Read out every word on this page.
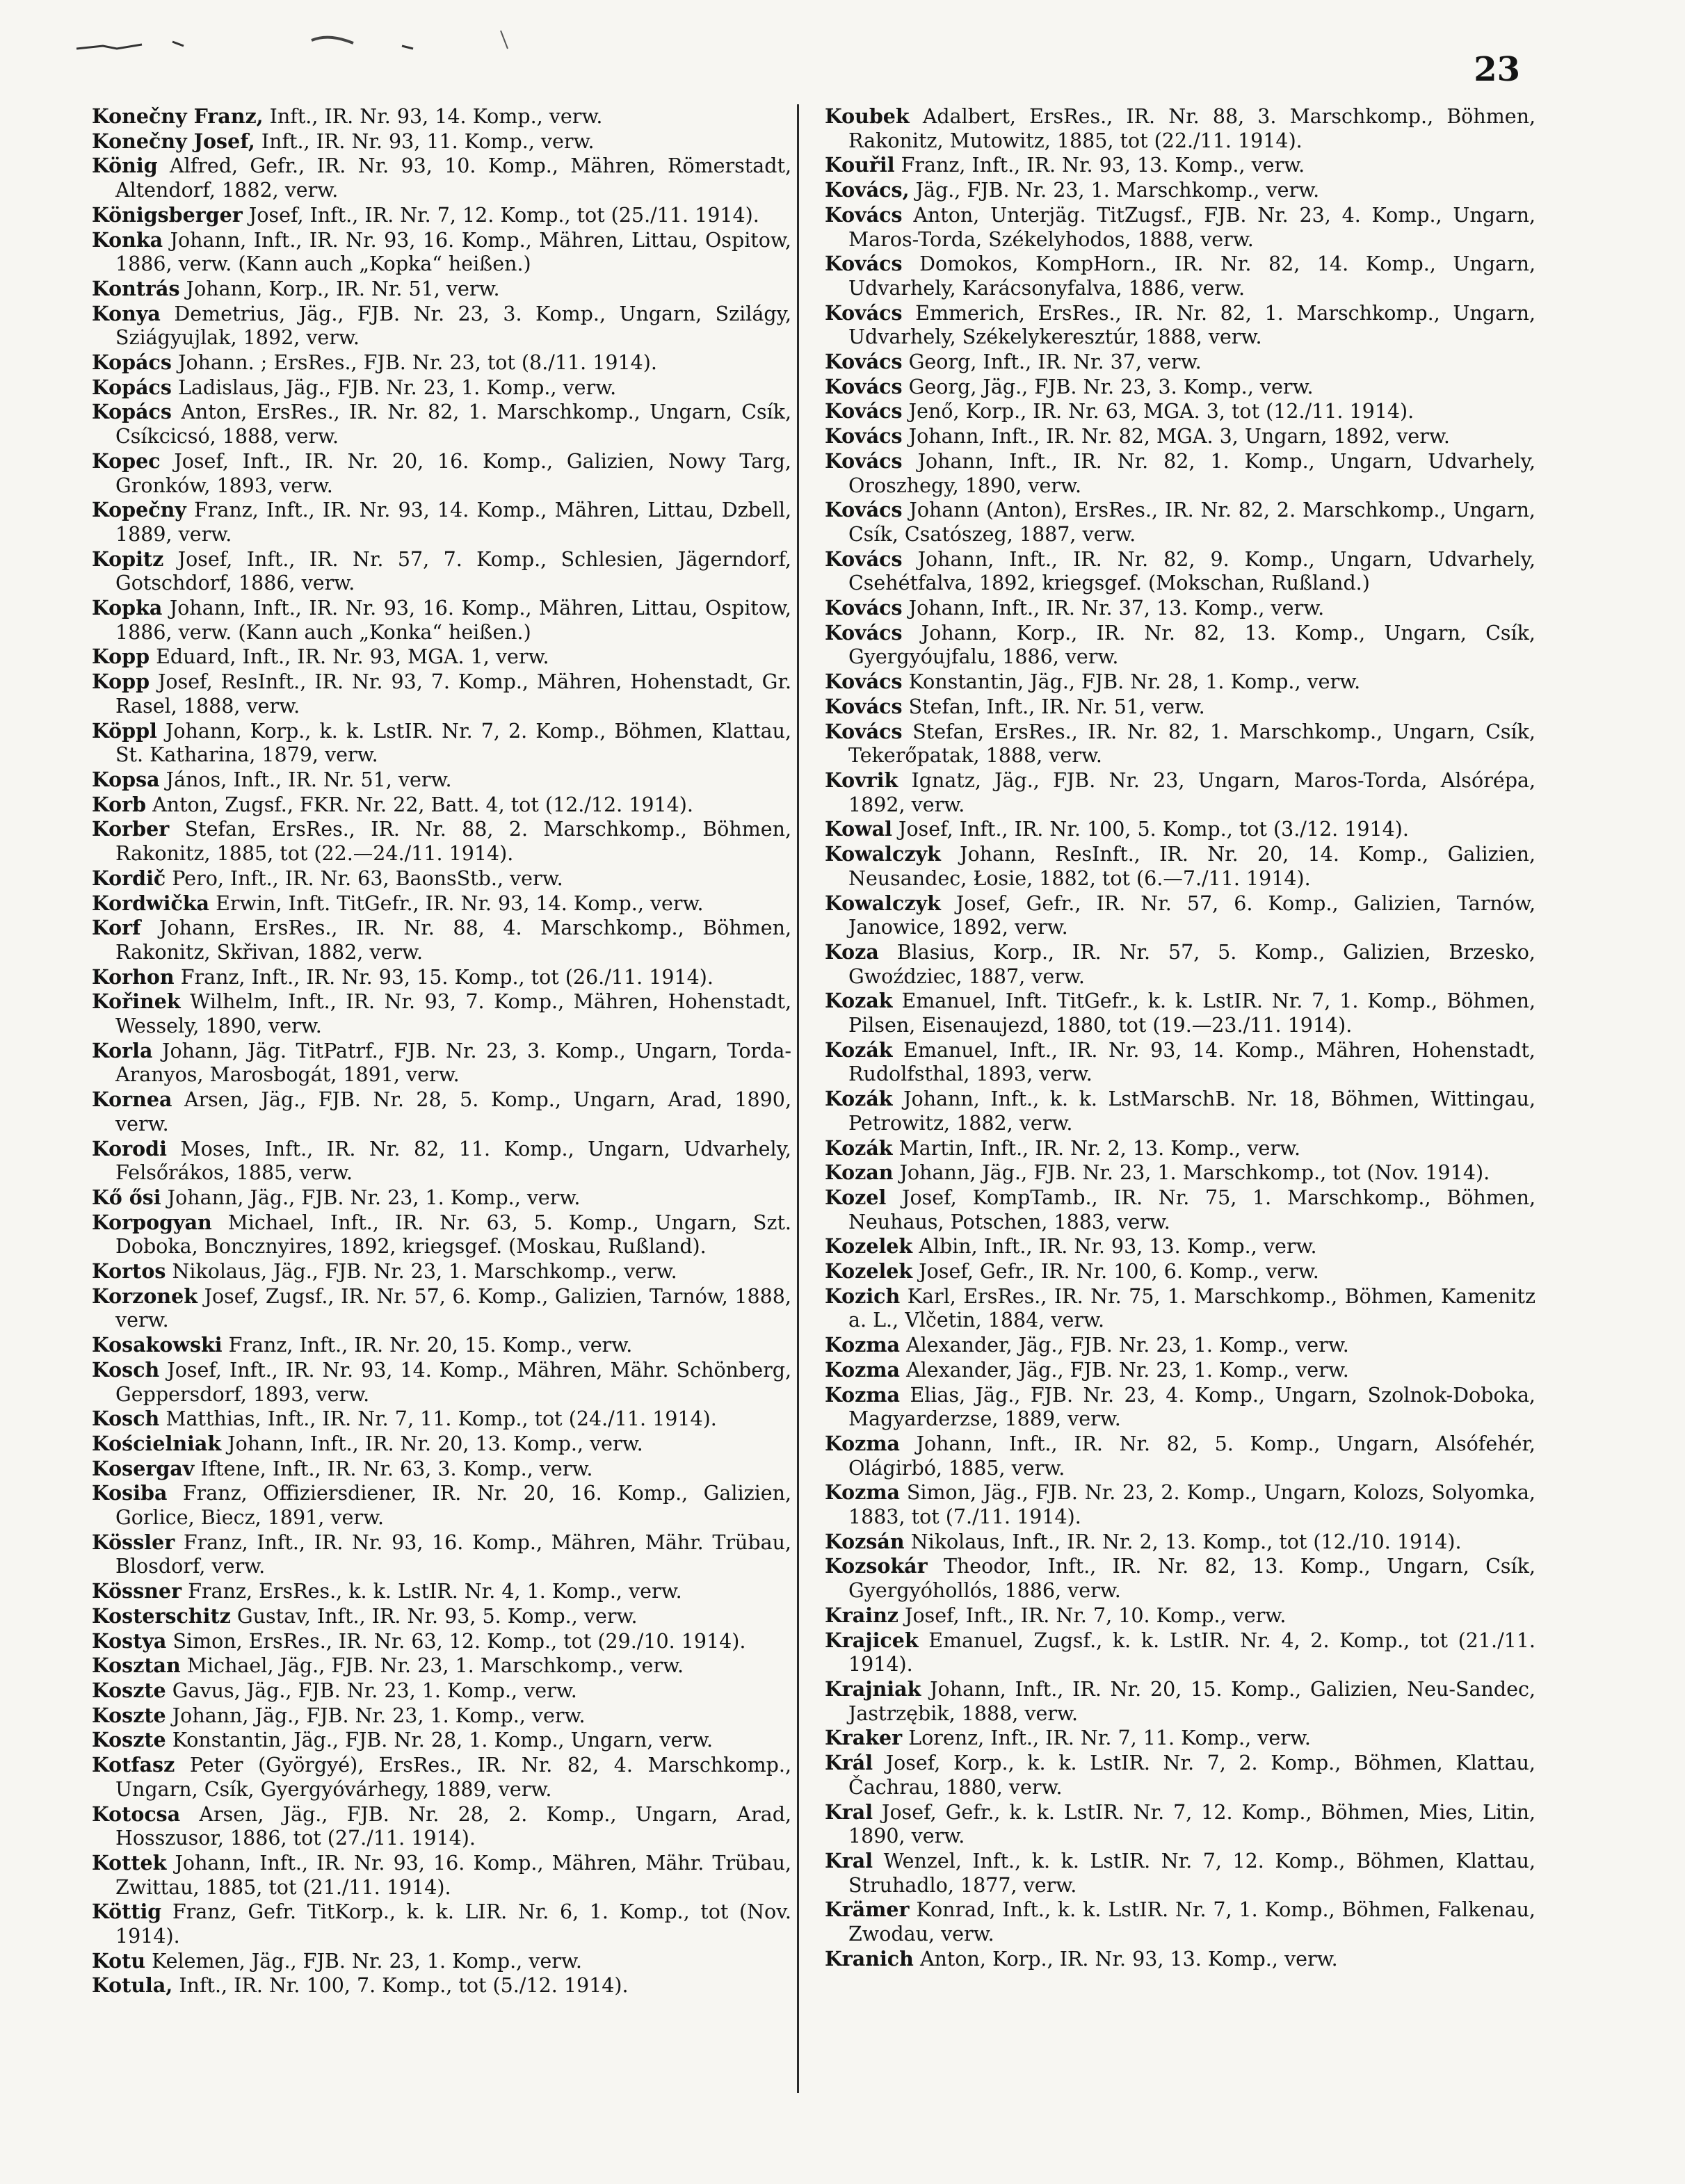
23
Konečny Franz, Inft., IR. Nr. 93, 14. Komp., verw.
Konečny Josef, Inft., IR. Nr. 93, 11. Komp., verw.
König Alfred, Gefr., IR. Nr. 93, 10. Komp., Mähren, Römerstadt, Altendorf, 1882, verw.
Königsberger Josef, Inft., IR. Nr. 7, 12. Komp., tot (25./11. 1914).
Konka Johann, Inft., IR. Nr. 93, 16. Komp., Mähren, Littau, Ospitow, 1886, verw. (Kann auch „Kopka“ heißen.)
Kontrás Johann, Korp., IR. Nr. 51, verw.
Konya Demetrius, Jäg., FJB. Nr. 23, 3. Komp., Ungarn, Szilágy, Sziágyujlak, 1892, verw.
Kopács Johann. ; ErsRes., FJB. Nr. 23, tot (8./11. 1914).
Kopács Ladislaus, Jäg., FJB. Nr. 23, 1. Komp., verw.
Kopács Anton, ErsRes., IR. Nr. 82, 1. Marschkomp., Ungarn, Csík, Csíkcicsó, 1888, verw.
Kopec Josef, Inft., IR. Nr. 20, 16. Komp., Galizien, Nowy Targ, Gronków, 1893, verw.
Kopečny Franz, Inft., IR. Nr. 93, 14. Komp., Mähren, Littau, Dzbell, 1889, verw.
Kopitz Josef, Inft., IR. Nr. 57, 7. Komp., Schlesien, Jägerndorf, Gotschdorf, 1886, verw.
Kopka Johann, Inft., IR. Nr. 93, 16. Komp., Mähren, Littau, Ospitow, 1886, verw. (Kann auch „Konka“ heißen.)
Kopp Eduard, Inft., IR. Nr. 93, MGA. 1, verw.
Kopp Josef, ResInft., IR. Nr. 93, 7. Komp., Mähren, Hohenstadt, Gr. Rasel, 1888, verw.
Köppl Johann, Korp., k. k. LstIR. Nr. 7, 2. Komp., Böhmen, Klattau, St. Katharina, 1879, verw.
Kopsa János, Inft., IR. Nr. 51, verw.
Korb Anton, Zugsf., FKR. Nr. 22, Batt. 4, tot (12./12. 1914).
Korber Stefan, ErsRes., IR. Nr. 88, 2. Marschkomp., Böhmen, Rakonitz, 1885, tot (22.—24./11. 1914).
Kordič Pero, Inft., IR. Nr. 63, BaonsStb., verw.
Kordwička Erwin, Inft. TitGefr., IR. Nr. 93, 14. Komp., verw.
Korf Johann, ErsRes., IR. Nr. 88, 4. Marschkomp., Böhmen, Rakonitz, Skřivan, 1882, verw.
Korhon Franz, Inft., IR. Nr. 93, 15. Komp., tot (26./11. 1914).
Kořinek Wilhelm, Inft., IR. Nr. 93, 7. Komp., Mähren, Hohenstadt, Wessely, 1890, verw.
Korla Johann, Jäg. TitPatrf., FJB. Nr. 23, 3. Komp., Ungarn, Torda-Aranyos, Marosbogát, 1891, verw.
Kornea Arsen, Jäg., FJB. Nr. 28, 5. Komp., Ungarn, Arad, 1890, verw.
Korodi Moses, Inft., IR. Nr. 82, 11. Komp., Ungarn, Udvarhely, Felsőrákos, 1885, verw.
Kő ősi Johann, Jäg., FJB. Nr. 23, 1. Komp., verw.
Korpogyan Michael, Inft., IR. Nr. 63, 5. Komp., Ungarn, Szt. Doboka, Boncznyires, 1892, kriegsgef. (Moskau, Rußland).
Kortos Nikolaus, Jäg., FJB. Nr. 23, 1. Marschkomp., verw.
Korzonek Josef, Zugsf., IR. Nr. 57, 6. Komp., Galizien, Tarnów, 1888, verw.
Kosakowski Franz, Inft., IR. Nr. 20, 15. Komp., verw.
Kosch Josef, Inft., IR. Nr. 93, 14. Komp., Mähren, Mähr. Schönberg, Geppersdorf, 1893, verw.
Kosch Matthias, Inft., IR. Nr. 7, 11. Komp., tot (24./11. 1914).
Kościelniak Johann, Inft., IR. Nr. 20, 13. Komp., verw.
Kosergav Iftene, Inft., IR. Nr. 63, 3. Komp., verw.
Kosiba Franz, Offiziersdiener, IR. Nr. 20, 16. Komp., Galizien, Gorlice, Biecz, 1891, verw.
Kössler Franz, Inft., IR. Nr. 93, 16. Komp., Mähren, Mähr. Trübau, Blosdorf, verw.
Kössner Franz, ErsRes., k. k. LstIR. Nr. 4, 1. Komp., verw.
Kosterschitz Gustav, Inft., IR. Nr. 93, 5. Komp., verw.
Kostya Simon, ErsRes., IR. Nr. 63, 12. Komp., tot (29./10. 1914).
Kosztan Michael, Jäg., FJB. Nr. 23, 1. Marschkomp., verw.
Koszte Gavus, Jäg., FJB. Nr. 23, 1. Komp., verw.
Koszte Johann, Jäg., FJB. Nr. 23, 1. Komp., verw.
Koszte Konstantin, Jäg., FJB. Nr. 28, 1. Komp., Ungarn, verw.
Kotfasz Peter (Györgyé), ErsRes., IR. Nr. 82, 4. Marschkomp., Ungarn, Csík, Gyergyóvárhegy, 1889, verw.
Kotocsa Arsen, Jäg., FJB. Nr. 28, 2. Komp., Ungarn, Arad, Hosszusor, 1886, tot (27./11. 1914).
Kottek Johann, Inft., IR. Nr. 93, 16. Komp., Mähren, Mähr. Trübau, Zwittau, 1885, tot (21./11. 1914).
Köttig Franz, Gefr. TitKorp., k. k. LIR. Nr. 6, 1. Komp., tot (Nov. 1914).
Kotu Kelemen, Jäg., FJB. Nr. 23, 1. Komp., verw.
Kotula, Inft., IR. Nr. 100, 7. Komp., tot (5./12. 1914).
Koubek Adalbert, ErsRes., IR. Nr. 88, 3. Marschkomp., Böhmen, Rakonitz, Mutowitz, 1885, tot (22./11. 1914).
Kouřil Franz, Inft., IR. Nr. 93, 13. Komp., verw.
Kovács, Jäg., FJB. Nr. 23, 1. Marschkomp., verw.
Kovács Anton, Unterjäg. TitZugsf., FJB. Nr. 23, 4. Komp., Ungarn, Maros-Torda, Székelyhodos, 1888, verw.
Kovács Domokos, KompHorn., IR. Nr. 82, 14. Komp., Ungarn, Udvarhely, Karácsonyfalva, 1886, verw.
Kovács Emmerich, ErsRes., IR. Nr. 82, 1. Marschkomp., Ungarn, Udvarhely, Székelykeresztúr, 1888, verw.
Kovács Georg, Inft., IR. Nr. 37, verw.
Kovács Georg, Jäg., FJB. Nr. 23, 3. Komp., verw.
Kovács Jenő, Korp., IR. Nr. 63, MGA. 3, tot (12./11. 1914).
Kovács Johann, Inft., IR. Nr. 82, MGA. 3, Ungarn, 1892, verw.
Kovács Johann, Inft., IR. Nr. 82, 1. Komp., Ungarn, Udvarhely, Oroszhegy, 1890, verw.
Kovács Johann (Anton), ErsRes., IR. Nr. 82, 2. Marschkomp., Ungarn, Csík, Csatószeg, 1887, verw.
Kovács Johann, Inft., IR. Nr. 82, 9. Komp., Ungarn, Udvarhely, Csehétfalva, 1892, kriegsgef. (Mokschan, Rußland.)
Kovács Johann, Inft., IR. Nr. 37, 13. Komp., verw.
Kovács Johann, Korp., IR. Nr. 82, 13. Komp., Ungarn, Csík, Gyergyóujfalu, 1886, verw.
Kovács Konstantin, Jäg., FJB. Nr. 28, 1. Komp., verw.
Kovács Stefan, Inft., IR. Nr. 51, verw.
Kovács Stefan, ErsRes., IR. Nr. 82, 1. Marschkomp., Ungarn, Csík, Tekerőpatak, 1888, verw.
Kovrik Ignatz, Jäg., FJB. Nr. 23, Ungarn, Maros-Torda, Alsórépa, 1892, verw.
Kowal Josef, Inft., IR. Nr. 100, 5. Komp., tot (3./12. 1914).
Kowalczyk Johann, ResInft., IR. Nr. 20, 14. Komp., Galizien, Neusandec, Łosie, 1882, tot (6.—7./11. 1914).
Kowalczyk Josef, Gefr., IR. Nr. 57, 6. Komp., Galizien, Tarnów, Janowice, 1892, verw.
Koza Blasius, Korp., IR. Nr. 57, 5. Komp., Galizien, Brzesko, Gwoździec, 1887, verw.
Kozak Emanuel, Inft. TitGefr., k. k. LstIR. Nr. 7, 1. Komp., Böhmen, Pilsen, Eisenaujezd, 1880, tot (19.—23./11. 1914).
Kozák Emanuel, Inft., IR. Nr. 93, 14. Komp., Mähren, Hohenstadt, Rudolfsthal, 1893, verw.
Kozák Johann, Inft., k. k. LstMarschB. Nr. 18, Böhmen, Wittingau, Petrowitz, 1882, verw.
Kozák Martin, Inft., IR. Nr. 2, 13. Komp., verw.
Kozan Johann, Jäg., FJB. Nr. 23, 1. Marschkomp., tot (Nov. 1914).
Kozel Josef, KompTamb., IR. Nr. 75, 1. Marschkomp., Böhmen, Neuhaus, Potschen, 1883, verw.
Kozelek Albin, Inft., IR. Nr. 93, 13. Komp., verw.
Kozelek Josef, Gefr., IR. Nr. 100, 6. Komp., verw.
Kozich Karl, ErsRes., IR. Nr. 75, 1. Marschkomp., Böhmen, Kamenitz a. L., Vlčetin, 1884, verw.
Kozma Alexander, Jäg., FJB. Nr. 23, 1. Komp., verw.
Kozma Alexander, Jäg., FJB. Nr. 23, 1. Komp., verw.
Kozma Elias, Jäg., FJB. Nr. 23, 4. Komp., Ungarn, Szolnok-Doboka, Magyarderzse, 1889, verw.
Kozma Johann, Inft., IR. Nr. 82, 5. Komp., Ungarn, Alsófehér, Olágirbó, 1885, verw.
Kozma Simon, Jäg., FJB. Nr. 23, 2. Komp., Ungarn, Kolozs, Solyomka, 1883, tot (7./11. 1914).
Kozsán Nikolaus, Inft., IR. Nr. 2, 13. Komp., tot (12./10. 1914).
Kozsokár Theodor, Inft., IR. Nr. 82, 13. Komp., Ungarn, Csík, Gyergyóhollós, 1886, verw.
Krainz Josef, Inft., IR. Nr. 7, 10. Komp., verw.
Krajicek Emanuel, Zugsf., k. k. LstIR. Nr. 4, 2. Komp., tot (21./11. 1914).
Krajniak Johann, Inft., IR. Nr. 20, 15. Komp., Galizien, Neu-Sandec, Jastrzębik, 1888, verw.
Kraker Lorenz, Inft., IR. Nr. 7, 11. Komp., verw.
Král Josef, Korp., k. k. LstIR. Nr. 7, 2. Komp., Böhmen, Klattau, Čachrau, 1880, verw.
Kral Josef, Gefr., k. k. LstIR. Nr. 7, 12. Komp., Böhmen, Mies, Litin, 1890, verw.
Kral Wenzel, Inft., k. k. LstIR. Nr. 7, 12. Komp., Böhmen, Klattau, Struhadlo, 1877, verw.
Krämer Konrad, Inft., k. k. LstIR. Nr. 7, 1. Komp., Böhmen, Falkenau, Zwodau, verw.
Kranich Anton, Korp., IR. Nr. 93, 13. Komp., verw.
